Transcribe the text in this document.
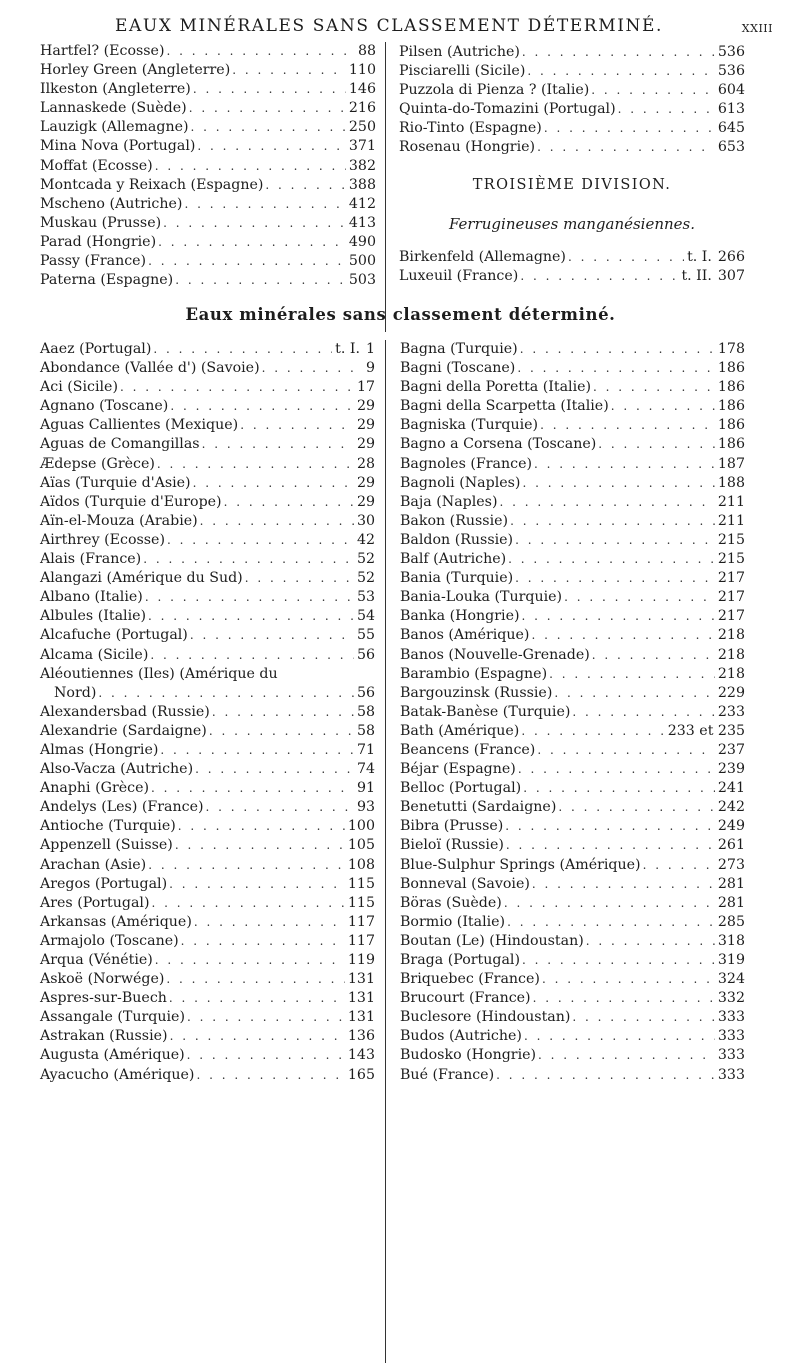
EAUX MINÉRALES SANS CLASSEMENT DÉTERMINÉ.	XXIII
Hartfel? (Ecosse) . . .	88
Horley Green (Angleterre) . . .	110
Ilkeston (Angleterre) . . .	146
Lannaskede (Suède) . . .	216
Lauzigk (Allemagne) . . .	250
Mina Nova (Portugal) . . .	371
Moffat (Ecosse) . . .	382
Montcada y Reixach (Espagne) . . .	388
Mscheno (Autriche) . . .	412
Muskau (Prusse) . . .	413
Parad (Hongrie) . . .	490
Passy (France) . . .	500
Paterna (Espagne) . . .	503
Pilsen (Autriche) . . .	536
Pisciarelli (Sicile) . . .	536
Puzzola di Pienza ? (Italie) . . .	604
Quinta-do-Tomazini (Portugal) . . .	613
Rio-Tinto (Espagne) . . .	645
Rosenau (Hongrie) . . .	653
TROISIÈME DIVISION.
Ferrugineuses manganésiennes.
Birkenfeld (Allemagne) . . .	t. I. 266
Luxeuil (France) . . .	t. II. 307
Eaux minérales sans classement déterminé.
Aaez (Portugal) . . .	t. I. 1
Abondance (Vallée d') (Savoie) . . .	9
Aci (Sicile) . . .	17
Agnano (Toscane) . . .	29
Aguas Callientes (Mexique) . . .	29
Aguas de Comangillas . . .	29
Ædepse (Grèce) . . .	28
Aïas (Turquie d'Asie) . . .	29
Aïdos (Turquie d'Europe) . . .	29
Aïn-el-Mouza (Arabie) . . .	30
Airthrey (Ecosse) . . .	42
Alais (France) . . .	52
Alangazi (Amérique du Sud) . . .	52
Albano (Italie) . . .	53
Albules (Italie) . . .	54
Alcafuche (Portugal) . . .	55
Alcama (Sicile) . . .	56
Aléoutiennes (Iles) (Amérique du
Nord) . . .	56
Alexandersbad (Russie) . . .	58
Alexandrie (Sardaigne) . . .	58
Almas (Hongrie) . . .	71
Also-Vacza (Autriche) . . .	74
Anaphi (Grèce) . . .	91
Andelys (Les) (France) . . .	93
Antioche (Turquie) . . .	100
Appenzell (Suisse) . . .	105
Arachan (Asie) . . .	108
Aregos (Portugal) . . .	115
Ares (Portugal) . . .	115
Arkansas (Amérique) . . .	117
Armajolo (Toscane) . . .	117
Arqua (Vénétie) . . .	119
Askoë (Norwége) . . .	131
Aspres-sur-Buech . . .	131
Assangale (Turquie) . . .	131
Astrakan (Russie) . . .	136
Augusta (Amérique) . . .	143
Ayacucho (Amérique) . . .	165
Bagna (Turquie) . . .	178
Bagni (Toscane) . . .	186
Bagni della Poretta (Italie) . . .	186
Bagni della Scarpetta (Italie) . . .	186
Bagniska (Turquie) . . .	186
Bagno a Corsena (Toscane) . . .	186
Bagnoles (France) . . .	187
Bagnoli (Naples) . . .	188
Baja (Naples) . . .	211
Bakon (Russie) . . .	211
Baldon (Russie) . . .	215
Balf (Autriche) . . .	215
Bania (Turquie) . . .	217
Bania-Louka (Turquie) . . .	217
Banka (Hongrie) . . .	217
Banos (Amérique) . . .	218
Banos (Nouvelle-Grenade) . . .	218
Barambio (Espagne) . . .	218
Bargouzinsk (Russie) . . .	229
Batak-Banèse (Turquie) . . .	233
Bath (Amérique) . . .	233 et 235
Beancens (France) . . .	237
Béjar (Espagne) . . .	239
Belloc (Portugal) . . .	241
Benetutti (Sardaigne) . . .	242
Bibra (Prusse) . . .	249
Bieloï (Russie) . . .	261
Blue-Sulphur Springs (Amérique) . . .	273
Bonneval (Savoie) . . .	281
Böras (Suède) . . .	281
Bormio (Italie) . . .	285
Boutan (Le) (Hindoustan) . . .	318
Braga (Portugal) . . .	319
Briquebec (France) . . .	324
Brucourt (France) . . .	332
Buclesore (Hindoustan) . . .	333
Budos (Autriche) . . .	333
Budosko (Hongrie) . . .	333
Bué (France) . . .	333
